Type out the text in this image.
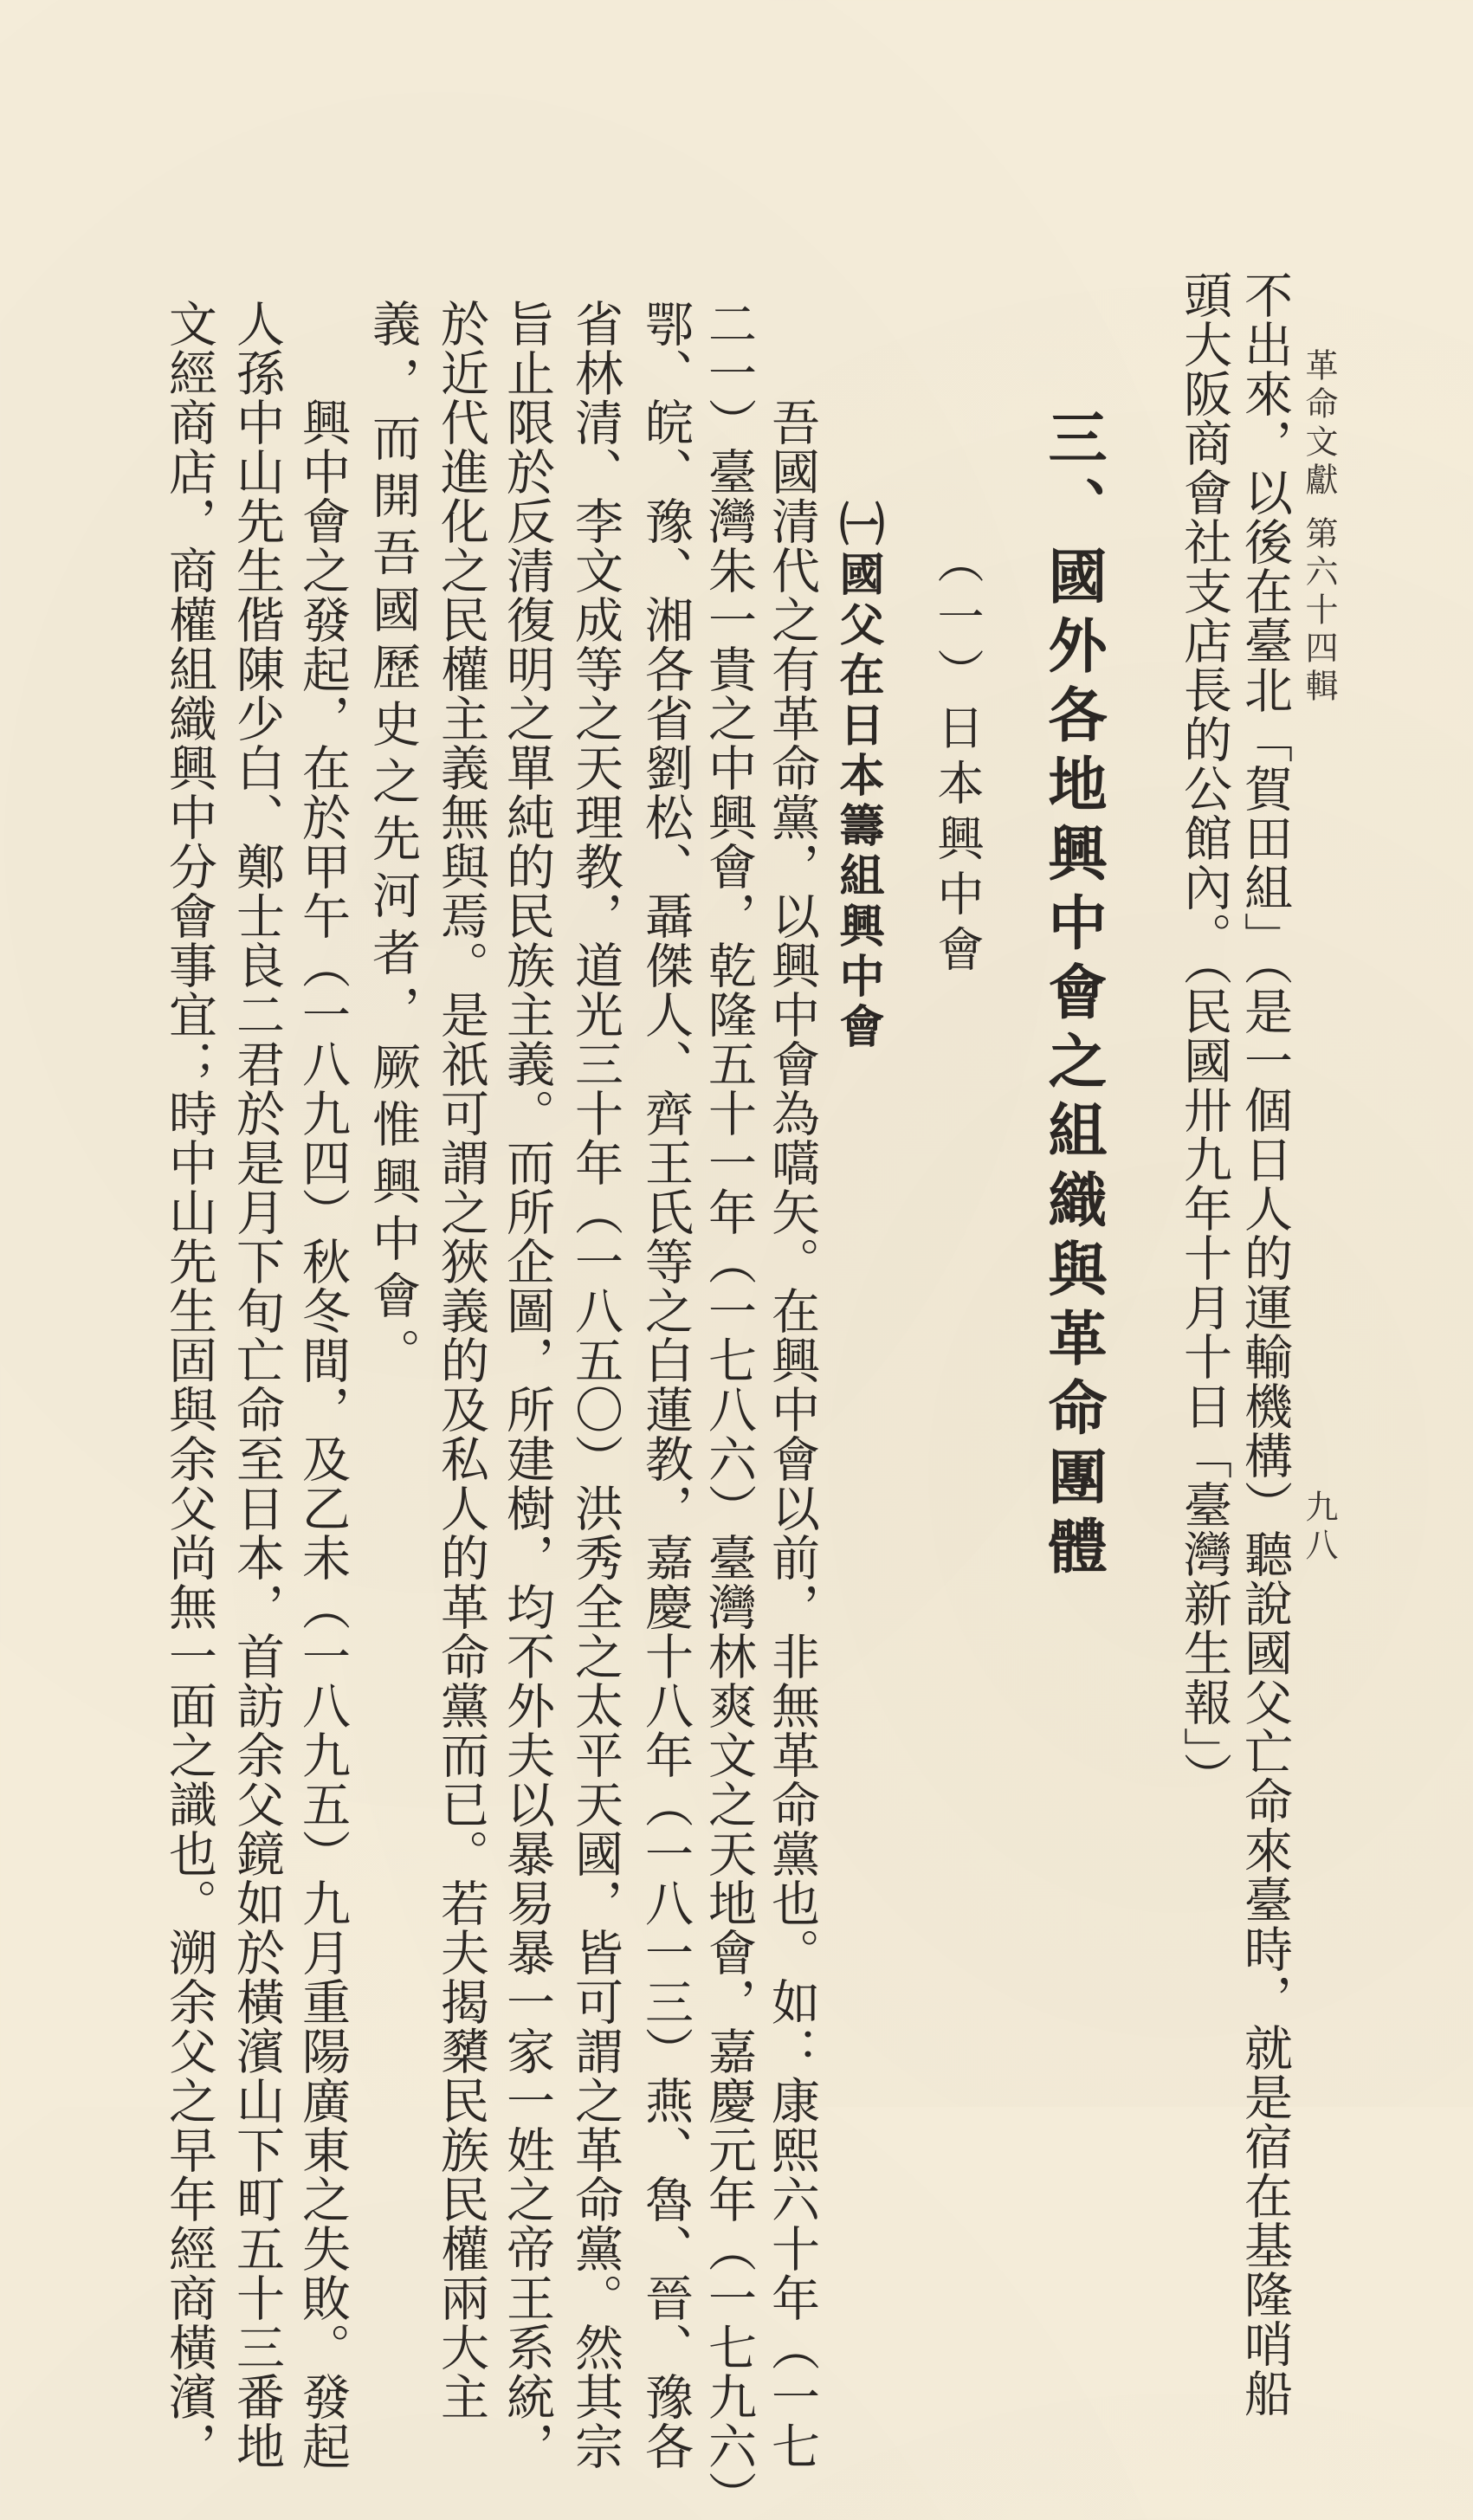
革命文獻 第六十四輯
九八
不出來，以後在臺北「賀田組」（是一個日人的運輸機構）聽說國父亡命來臺時，就是宿在基隆哨船
頭大阪商會社支店長的公館內。（民國卅九年十月十日「臺灣新生報」）
三、國外各地興中會之組織與革命團體
（一）日本興中會
㈠國父在日本籌組興中會
　　吾國清代之有革命黨，以興中會為嚆矢。在興中會以前，非無革命黨也。如：康熙六十年（一七
二一）臺灣朱一貴之中興會，乾隆五十一年（一七八六）臺灣林爽文之天地會，嘉慶元年（一七九六）
鄂、皖、豫、湘各省劉松、聶傑人、齊王氏等之白蓮教，嘉慶十八年（一八一三）燕、魯、晉、豫各
省林清、李文成等之天理教，道光三十年（一八五〇）洪秀全之太平天國，皆可謂之革命黨。然其宗
旨止限於反清復明之單純的民族主義。而所企圖，所建樹，均不外夫以暴易暴一家一姓之帝王系統，
於近代進化之民權主義無與焉。是祇可謂之狹義的及私人的革命黨而已。若夫揭櫫民族民權兩大主
義，而開吾國歷史之先河者，厥惟興中會。
　　興中會之發起，在於甲午（一八九四）秋冬間，及乙未（一八九五）九月重陽廣東之失敗。發起
人孫中山先生偕陳少白、鄭士良二君於是月下旬亡命至日本，首訪余父鏡如於橫濱山下町五十三番地
文經商店，商權組織興中分會事宜；時中山先生固與余父尚無一面之識也。溯余父之早年經商橫濱，
